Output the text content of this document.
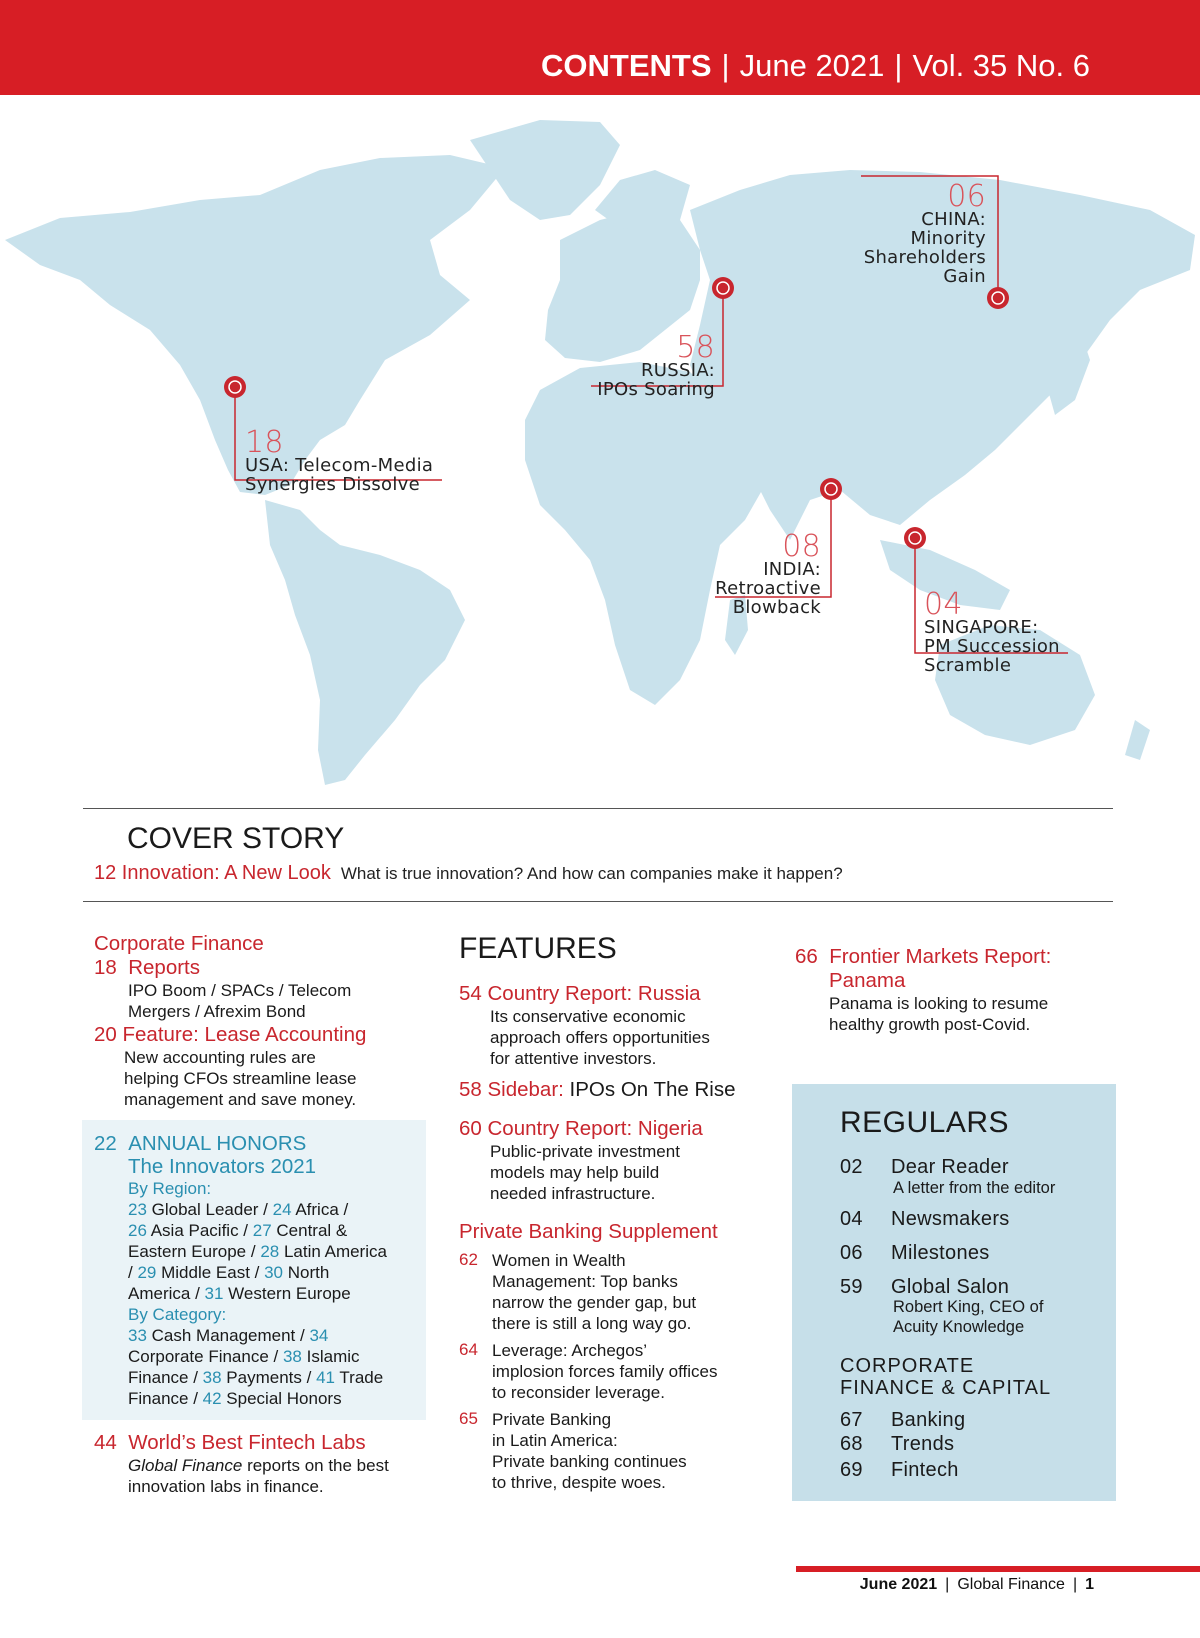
CONTENTS | June 2021 | Vol. 35 No. 6
06
CHINA:
Minority
Shareholders
Gain
58
RUSSIA:
IPOs Soaring
18
USA: Telecom-Media
Synergies Dissolve
08
INDIA:
Retroactive
Blowback	04
SINGAPORE:
PM Succession
Scramble
COVER STORY
12 Innovation: A New Look What is true innovation? And how can companies make it happen?
Corporate Finance
18 Reports
IPO Boom / SPACs / Telecom
Mergers / Afrexim Bond
20 Feature: Lease Accounting
New accounting rules are
helping CFOs streamline lease
management and save money.
22 ANNUAL HONORS
The Innovators 2021
By Region:
23 Global Leader / 24 Africa /
26 Asia Pacific / 27 Central &
Eastern Europe / 28 Latin America
/ 29 Middle East / 30 North
America / 31 Western Europe
By Category:
33 Cash Management / 34
Corporate Finance / 38 Islamic
Finance / 38 Payments / 41 Trade
Finance / 42 Special Honors
44 World’s Best Fintech Labs
Global Finance reports on the best
innovation labs in finance.
FEATURES
54 Country Report: Russia
Its conservative economic
approach offers opportunities
for attentive investors.
58 Sidebar: IPOs On The Rise
60 Country Report: Nigeria
Public-private investment
models may help build
needed infrastructure.
Private Banking Supplement
62 Women in Wealth
Management: Top banks
narrow the gender gap, but
there is still a long way go.
64 Leverage: Archegos’
implosion forces family offices
to reconsider leverage.
65 Private Banking
in Latin America:
Private banking continues
to thrive, despite woes.
66 Frontier Markets Report:
Panama
Panama is looking to resume
healthy growth post-Covid.
REGULARS
02 Dear Reader
A letter from the editor
04 Newsmakers
06 Milestones
59 Global Salon
Robert King, CEO of
Acuity Knowledge
CORPORATE
FINANCE & CAPITAL
67 Banking
68 Trends
69 Fintech
June 2021 | Global Finance | 1
